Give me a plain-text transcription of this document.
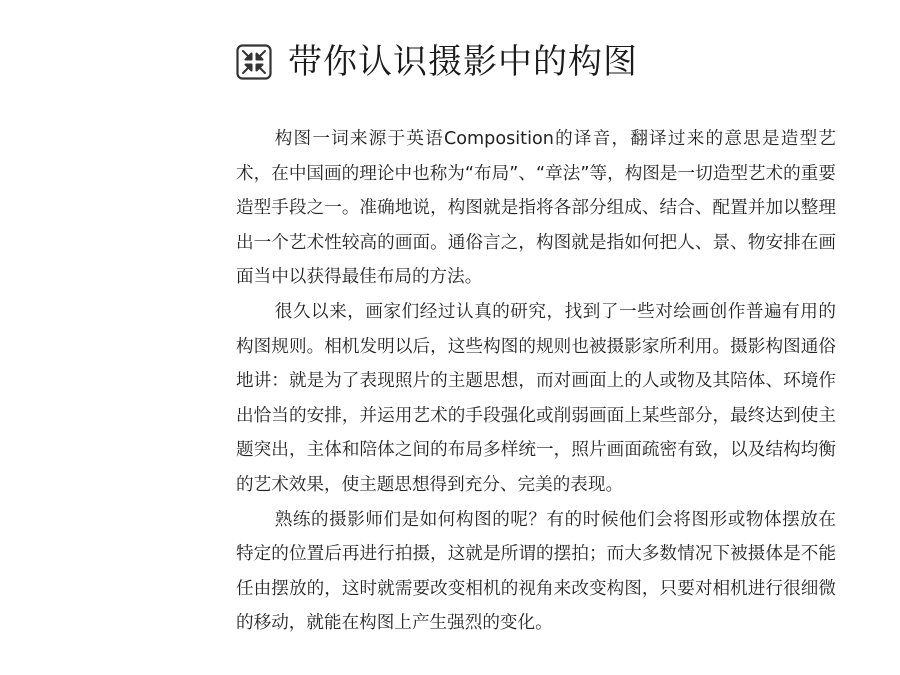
带你认识摄影中的构图

构图一词来源于英语Composition的译音，翻译过来的意思是造型艺术，在中国画的理论中也称为“布局”、“章法”等，构图是一切造型艺术的重要造型手段之一。准确地说，构图就是指将各部分组成、结合、配置并加以整理出一个艺术性较高的画面。通俗言之，构图就是指如何把人、景、物安排在画面当中以获得最佳布局的方法。

很久以来，画家们经过认真的研究，找到了一些对绘画创作普遍有用的构图规则。相机发明以后，这些构图的规则也被摄影家所利用。摄影构图通俗地讲：就是为了表现照片的主题思想，而对画面上的人或物及其陪体、环境作出恰当的安排，并运用艺术的手段强化或削弱画面上某些部分，最终达到使主题突出，主体和陪体之间的布局多样统一，照片画面疏密有致，以及结构均衡的艺术效果，使主题思想得到充分、完美的表现。

熟练的摄影师们是如何构图的呢？有的时候他们会将图形或物体摆放在特定的位置后再进行拍摄，这就是所谓的摆拍；而大多数情况下被摄体是不能任由摆放的，这时就需要改变相机的视角来改变构图，只要对相机进行很细微的移动，就能在构图上产生强烈的变化。
